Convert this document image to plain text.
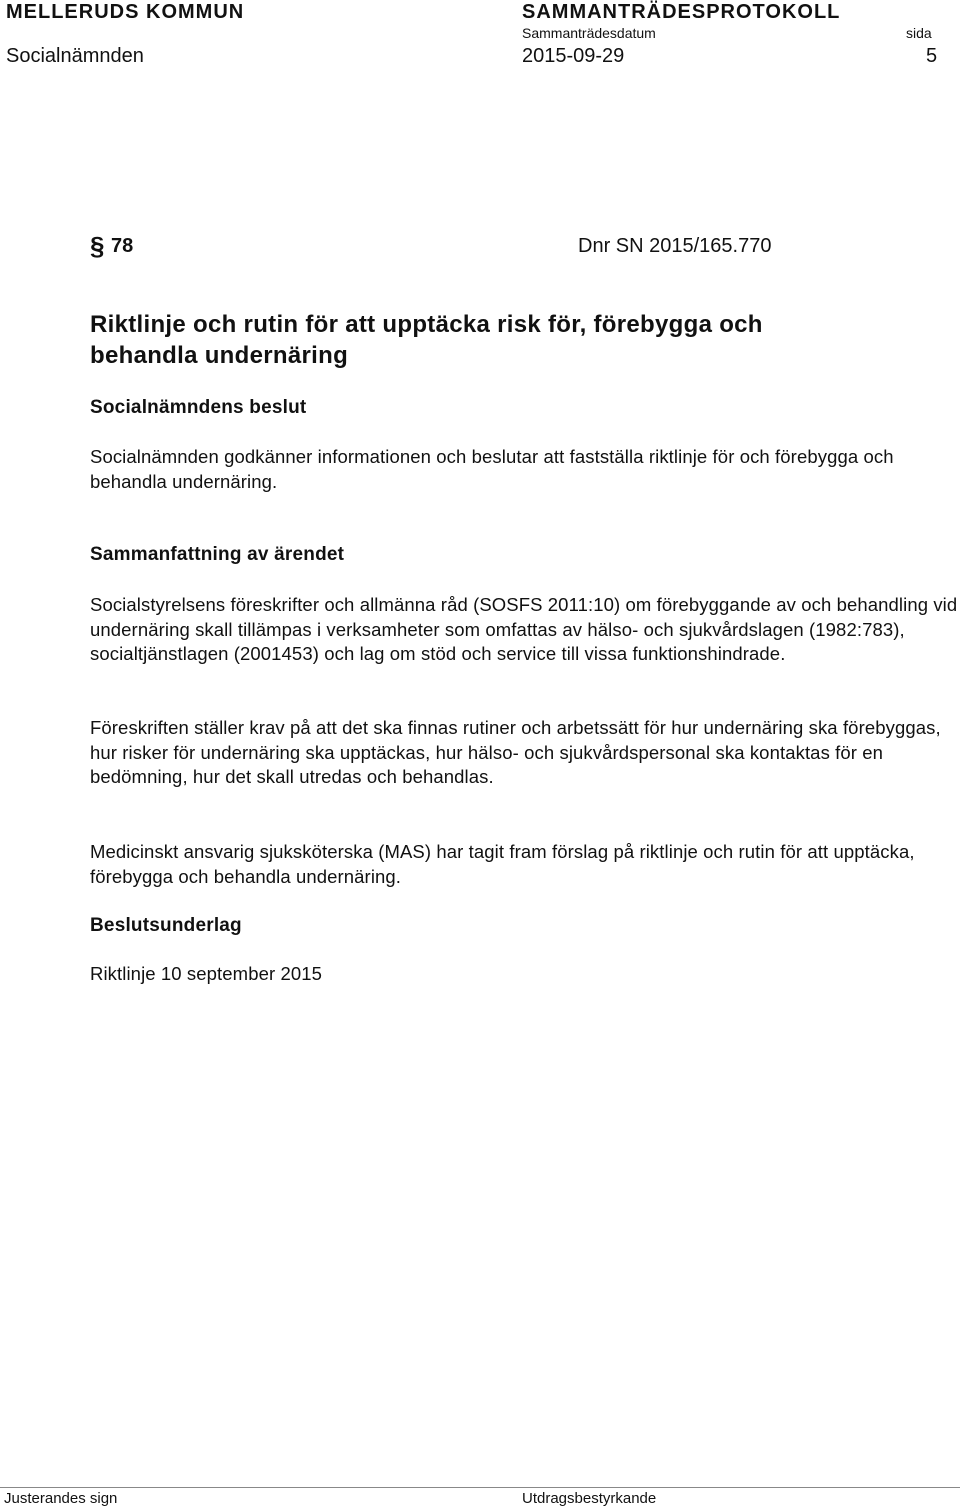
MELLERUDS KOMMUN	SAMMANTRÄDESPROTOKOLL
Sammanträdesdatum	sida
Socialnämnden	2015-09-29	5
§ 78	Dnr SN 2015/165.770
Riktlinje och rutin för att upptäcka risk för, förebygga och
behandla undernäring
Socialnämndens beslut
Socialnämnden godkänner informationen och beslutar att fastställa riktlinje för och förebygga och behandla undernäring.
Sammanfattning av ärendet
Socialstyrelsens föreskrifter och allmänna råd (SOSFS 2011:10) om förebyggande av och behandling vid undernäring skall tillämpas i verksamheter som omfattas av hälso- och sjukvårdslagen (1982:783), socialtjänstlagen (2001453) och lag om stöd och service till vissa funktionshindrade.
Föreskriften ställer krav på att det ska finnas rutiner och arbetssätt för hur undernäring ska förebyggas, hur risker för undernäring ska upptäckas, hur hälso- och sjukvårdspersonal ska kontaktas för en bedömning, hur det skall utredas och behandlas.
Medicinskt ansvarig sjuksköterska (MAS) har tagit fram förslag på riktlinje och rutin för att upptäcka, förebygga och behandla undernäring.
Beslutsunderlag
Riktlinje 10 september 2015
Justerandes sign	Utdragsbestyrkande
